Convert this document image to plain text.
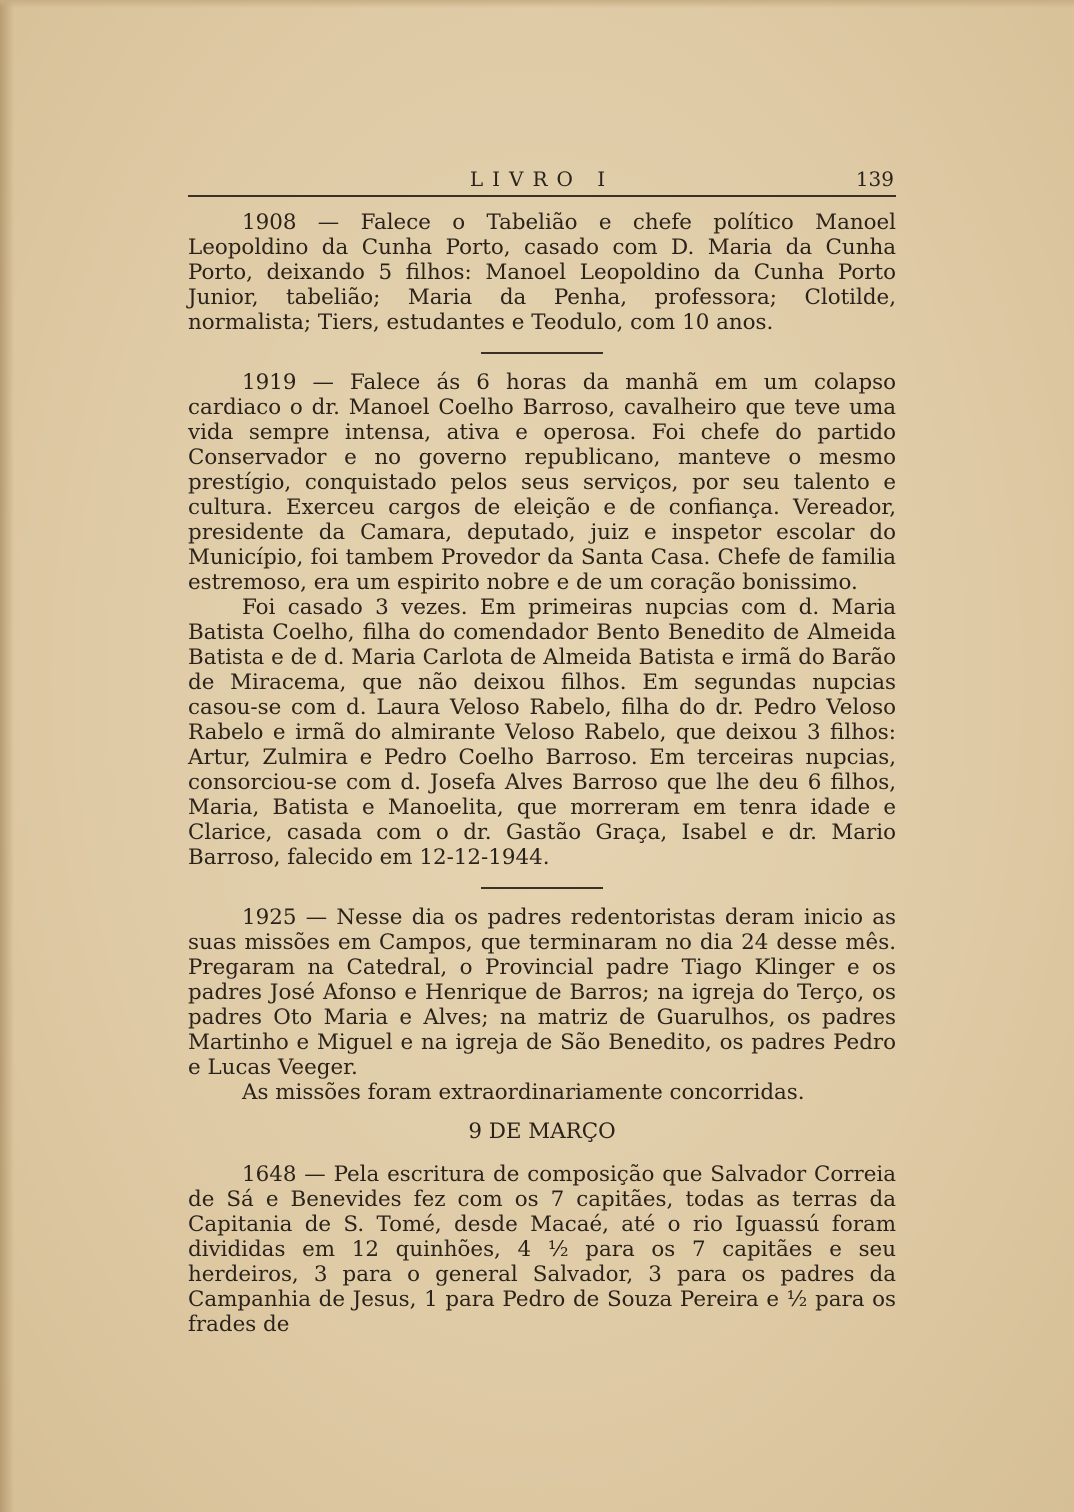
LIVRO I	139

1908 — Falece o Tabelião e chefe político Manoel Leopoldino da Cunha Porto, casado com D. Maria da Cunha Porto, deixando 5 filhos: Manoel Leopoldino da Cunha Porto Junior, tabelião; Maria da Penha, professora; Clotilde, normalista; Tiers, estudantes e Teodulo, com 10 anos.

1919 — Falece ás 6 horas da manhã em um colapso cardiaco o dr. Manoel Coelho Barroso, cavalheiro que teve uma vida sempre intensa, ativa e operosa. Foi chefe do partido Conservador e no governo republicano, manteve o mesmo prestígio, conquistado pelos seus serviços, por seu talento e cultura. Exerceu cargos de eleição e de confiança. Vereador, presidente da Camara, deputado, juiz e inspetor escolar do Município, foi tambem Provedor da Santa Casa. Chefe de familia estremoso, era um espirito nobre e de um coração bonissimo.

Foi casado 3 vezes. Em primeiras nupcias com d. Maria Batista Coelho, filha do comendador Bento Benedito de Almeida Batista e de d. Maria Carlota de Almeida Batista e irmã do Barão de Miracema, que não deixou filhos. Em segundas nupcias casou-se com d. Laura Veloso Rabelo, filha do dr. Pedro Veloso Rabelo e irmã do almirante Veloso Rabelo, que deixou 3 filhos: Artur, Zulmira e Pedro Coelho Barroso. Em terceiras nupcias, consorciou-se com d. Josefa Alves Barroso que lhe deu 6 filhos, Maria, Batista e Manoelita, que morreram em tenra idade e Clarice, casada com o dr. Gastão Graça, Isabel e dr. Mario Barroso, falecido em 12-12-1944.

1925 — Nesse dia os padres redentoristas deram inicio as suas missões em Campos, que terminaram no dia 24 desse mês. Pregaram na Catedral, o Provincial padre Tiago Klinger e os padres José Afonso e Henrique de Barros; na igreja do Terço, os padres Oto Maria e Alves; na matriz de Guarulhos, os padres Martinho e Miguel e na igreja de São Benedito, os padres Pedro e Lucas Veeger.

As missões foram extraordinariamente concorridas.

9 DE MARÇO

1648 — Pela escritura de composição que Salvador Correia de Sá e Benevides fez com os 7 capitães, todas as terras da Capitania de S. Tomé, desde Macaé, até o rio Iguassú foram divididas em 12 quinhões, 4 ½ para os 7 capitães e seu herdeiros, 3 para o general Salvador, 3 para os padres da Campanhia de Jesus, 1 para Pedro de Souza Pereira e ½ para os frades de
